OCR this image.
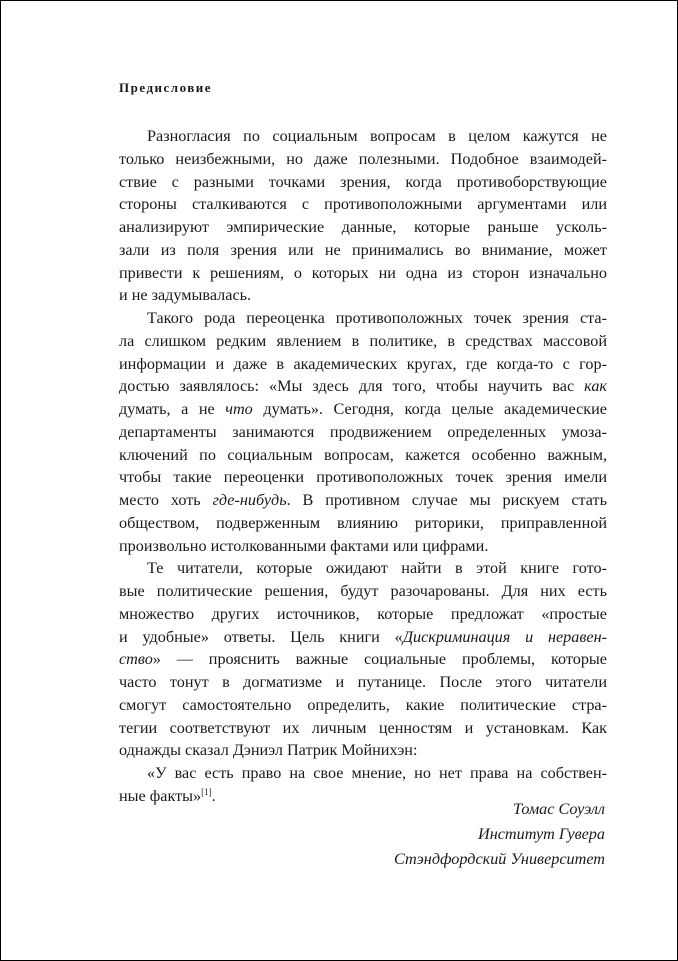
Предисловие
Разногласия по социальным вопросам в целом кажутся не
только неизбежными, но даже полезными. Подобное взаимодей-
ствие с разными точками зрения, когда противоборствующие
стороны сталкиваются с противоположными аргументами или
анализируют эмпирические данные, которые раньше усколь-
зали из поля зрения или не принимались во внимание, может
привести к решениям, о которых ни одна из сторон изначально
и не задумывалась.
Такого рода переоценка противоположных точек зрения ста-
ла слишком редким явлением в политике, в средствах массовой
информации и даже в академических кругах, где когда-то с гор-
достью заявлялось: «Мы здесь для того, чтобы научить вас как
думать, а не что думать». Сегодня, когда целые академические
департаменты занимаются продвижением определенных умоза-
ключений по социальным вопросам, кажется особенно важным,
чтобы такие переоценки противоположных точек зрения имели
место хоть где-нибудь. В противном случае мы рискуем стать
обществом, подверженным влиянию риторики, приправленной
произвольно истолкованными фактами или цифрами.
Те читатели, которые ожидают найти в этой книге гото-
вые политические решения, будут разочарованы. Для них есть
множество других источников, которые предложат «простые
и удобные» ответы. Цель книги «Дискриминация и неравен-
ство» — прояснить важные социальные проблемы, которые
часто тонут в догматизме и путанице. После этого читатели
смогут самостоятельно определить, какие политические стра-
тегии соответствуют их личным ценностям и установкам. Как
однажды сказал Дэниэл Патрик Мойнихэн:
«У вас есть право на свое мнение, но нет права на собствен-
ные факты»[1].
Томас Соуэлл
Институт Гувера
Стэндфордский Университет
